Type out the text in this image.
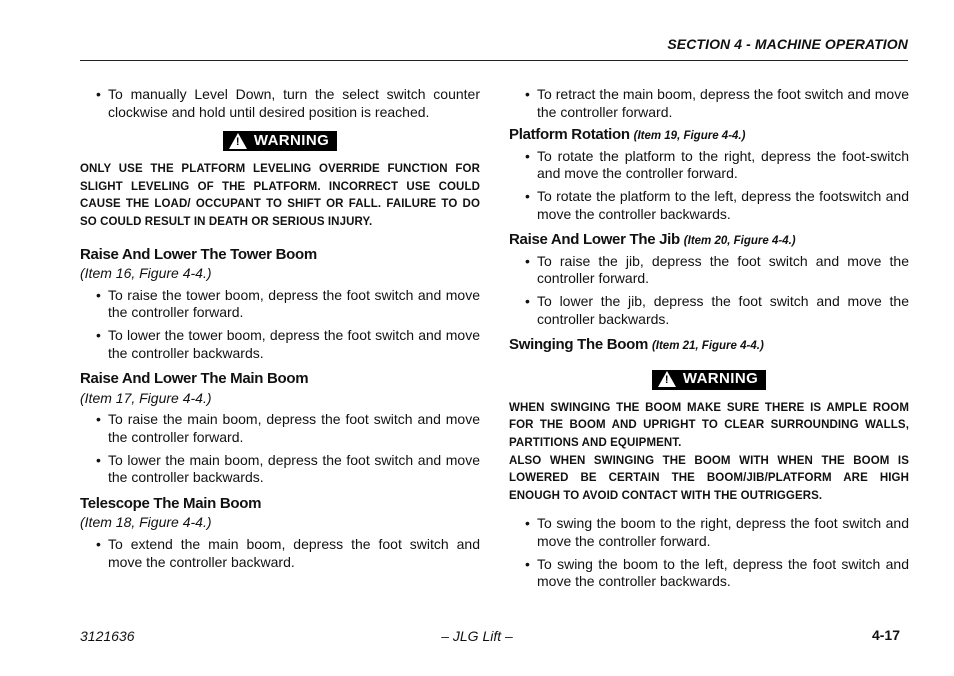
SECTION 4 - MACHINE OPERATION
• To manually Level Down, turn the select switch counter clockwise and hold until desired position is reached.
! WARNING

ONLY USE THE PLATFORM LEVELING OVERRIDE FUNCTION FOR SLIGHT LEVELING OF THE PLATFORM. INCORRECT USE COULD CAUSE THE LOAD/ OCCUPANT TO SHIFT OR FALL. FAILURE TO DO SO COULD RESULT IN DEATH OR SERIOUS INJURY.

Raise And Lower The Tower Boom
(Item 16, Figure 4-4.)
• To raise the tower boom, depress the foot switch and move the controller forward.
• To lower the tower boom, depress the foot switch and move the controller backwards.
Raise And Lower The Main Boom
(Item 17, Figure 4-4.)
• To raise the main boom, depress the foot switch and move the controller forward.
• To lower the main boom, depress the foot switch and move the controller backwards.
Telescope The Main Boom
(Item 18, Figure 4-4.)
• To extend the main boom, depress the foot switch and move the controller backward.
• To retract the main boom, depress the foot switch and move the controller forward.
Platform Rotation (Item 19, Figure 4-4.)
• To rotate the platform to the right, depress the foot-switch and move the controller forward.
• To rotate the platform to the left, depress the footswitch and move the controller backwards.
Raise And Lower The Jib (Item 20, Figure 4-4.)
• To raise the jib, depress the foot switch and move the controller forward.
• To lower the jib, depress the foot switch and move the controller backwards.
Swinging The Boom (Item 21, Figure 4-4.)
! WARNING

WHEN SWINGING THE BOOM MAKE SURE THERE IS AMPLE ROOM FOR THE BOOM AND UPRIGHT TO CLEAR SURROUNDING WALLS, PARTITIONS AND EQUIPMENT.

ALSO WHEN SWINGING THE BOOM WITH WHEN THE BOOM IS LOWERED BE CERTAIN THE BOOM/JIB/PLATFORM ARE HIGH ENOUGH TO AVOID CONTACT WITH THE OUTRIGGERS.

• To swing the boom to the right, depress the foot switch and move the controller forward.
• To swing the boom to the left, depress the foot switch and move the controller backwards.
3121636	– JLG Lift –	4-17
